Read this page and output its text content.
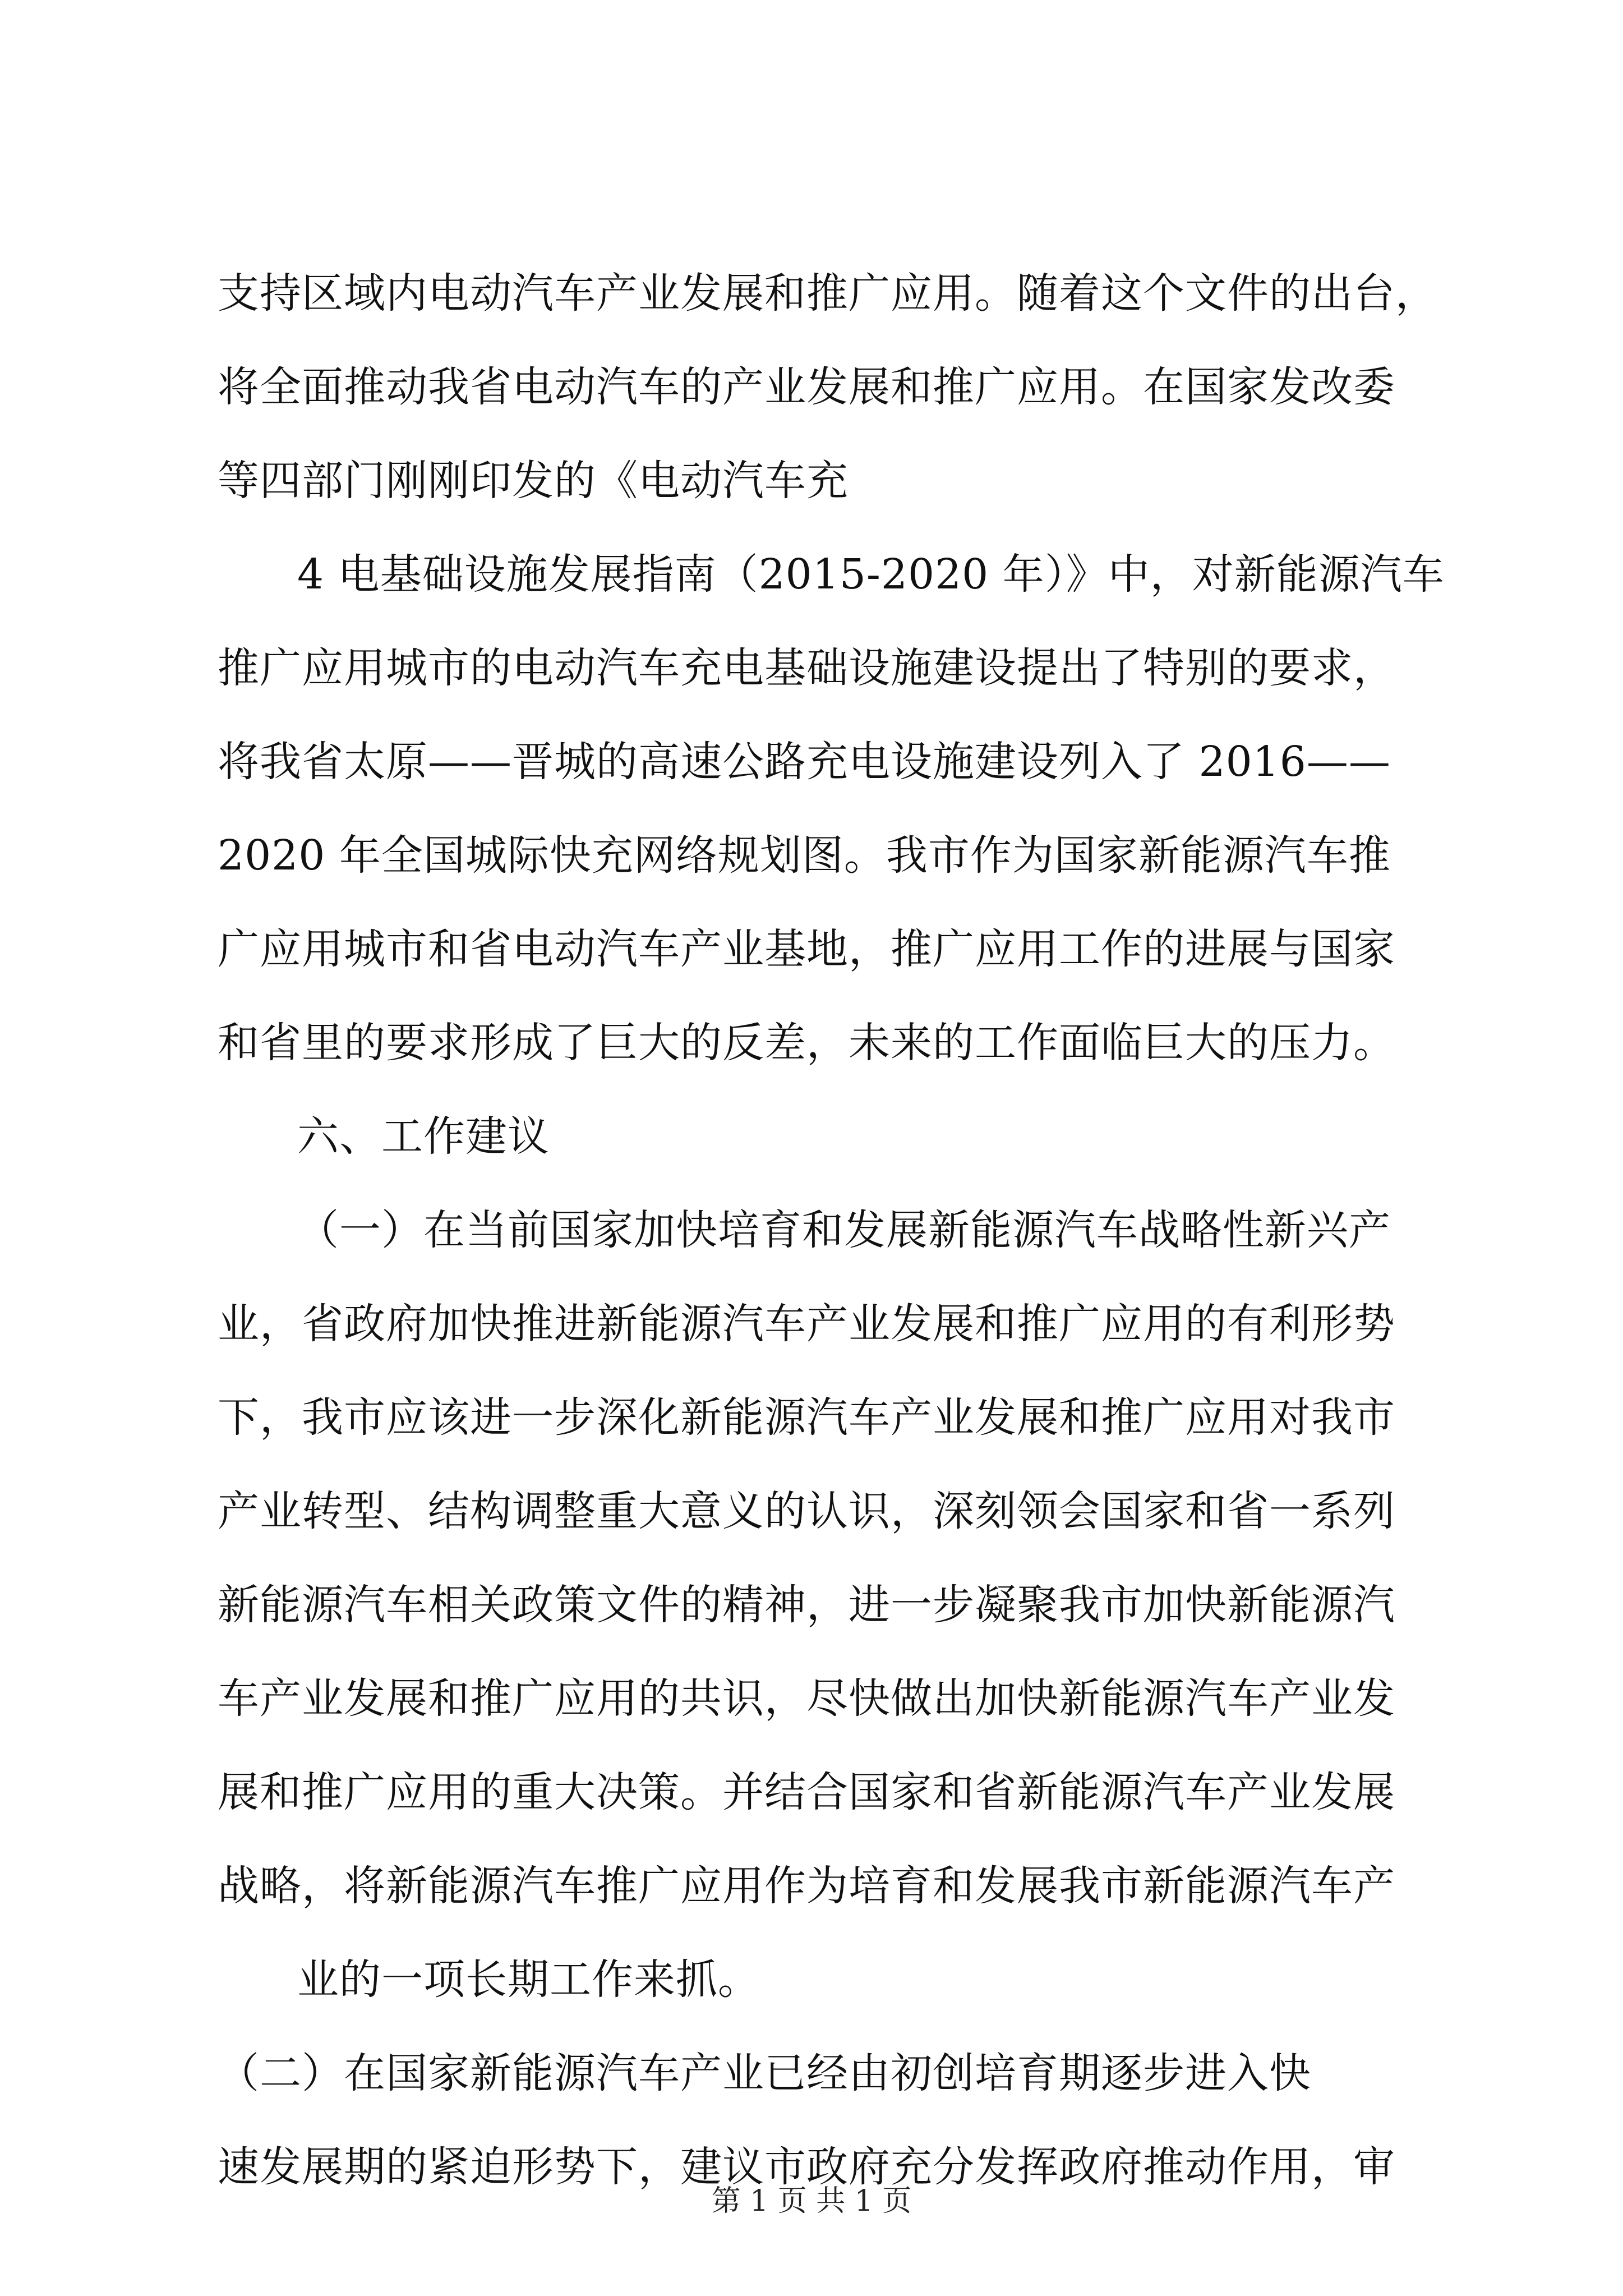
支持区域内电动汽车产业发展和推广应用。随着这个文件的出台，

将全面推动我省电动汽车的产业发展和推广应用。在国家发改委

等四部门刚刚印发的《电动汽车充

4 电基础设施发展指南（2015-2020 年）》中，对新能源汽车

推广应用城市的电动汽车充电基础设施建设提出了特别的要求，

将我省太原——晋城的高速公路充电设施建设列入了 2016——

2020 年全国城际快充网络规划图。我市作为国家新能源汽车推

广应用城市和省电动汽车产业基地，推广应用工作的进展与国家

和省里的要求形成了巨大的反差，未来的工作面临巨大的压力。

六、工作建议

（一）在当前国家加快培育和发展新能源汽车战略性新兴产

业，省政府加快推进新能源汽车产业发展和推广应用的有利形势

下，我市应该进一步深化新能源汽车产业发展和推广应用对我市

产业转型、结构调整重大意义的认识，深刻领会国家和省一系列

新能源汽车相关政策文件的精神，进一步凝聚我市加快新能源汽

车产业发展和推广应用的共识，尽快做出加快新能源汽车产业发

展和推广应用的重大决策。并结合国家和省新能源汽车产业发展

战略，将新能源汽车推广应用作为培育和发展我市新能源汽车产

业的一项长期工作来抓。

（二）在国家新能源汽车产业已经由初创培育期逐步进入快

速发展期的紧迫形势下，建议市政府充分发挥政府推动作用，审

第 1 页 共 1 页
